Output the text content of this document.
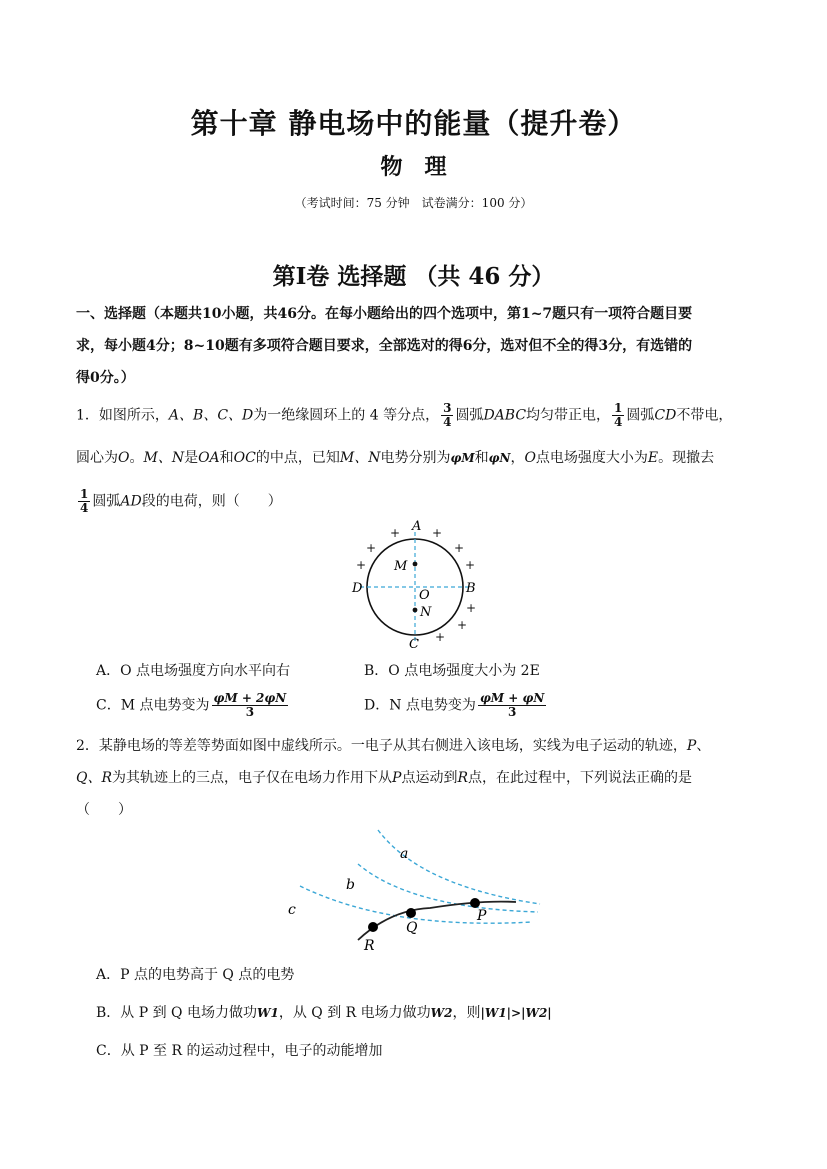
第十章 静电场中的能量（提升卷）
物理
（考试时间：75 分钟　试卷满分：100 分）
第Ⅰ卷 选择题 （共 46 分）
一、选择题（本题共10小题，共46分。在每小题给出的四个选项中，第1~7题只有一项符合题目要
求，每小题4分；8~10题有多项符合题目要求，全部选对的得6分，选对但不全的得3分，有选错的
得0分。）
1．如图所示，A、B、C、D为一绝缘圆环上的 4 等分点， $\frac{3}{4}$ 圆弧DABC均匀带正电， $\frac{1}{4}$ 圆弧CD不带电，
圆心为O。M、N是OA和OC的中点，已知M、N电势分别为φM和φN，O点电场强度大小为E。现撤去
$\frac{1}{4}$ 圆弧AD段的电荷，则（　　）
A
B
C
D
M
N
O
+	+
+	+
+	+
+
+
+
A．O 点电场强度方向水平向右	B．O 点电场强度大小为 2E
C．M 点电势变为 $\frac{\varphi M + 2\varphi N}{3}$	D．N 点电势变为 $\frac{\varphi M + \varphi N}{3}$
2．某静电场的等差等势面如图中虚线所示。一电子从其右侧进入该电场，实线为电子运动的轨迹，P、
Q、R为其轨迹上的三点，电子仅在电场力作用下从P点运动到R点，在此过程中，下列说法正确的是
（　　）
a
b
c	P
Q
R
A．P 点的电势高于 Q 点的电势
B．从 P 到 Q 电场力做功W1，从 Q 到 R 电场力做功W2，则|W1|>|W2|
C．从 P 至 R 的运动过程中，电子的动能增加
